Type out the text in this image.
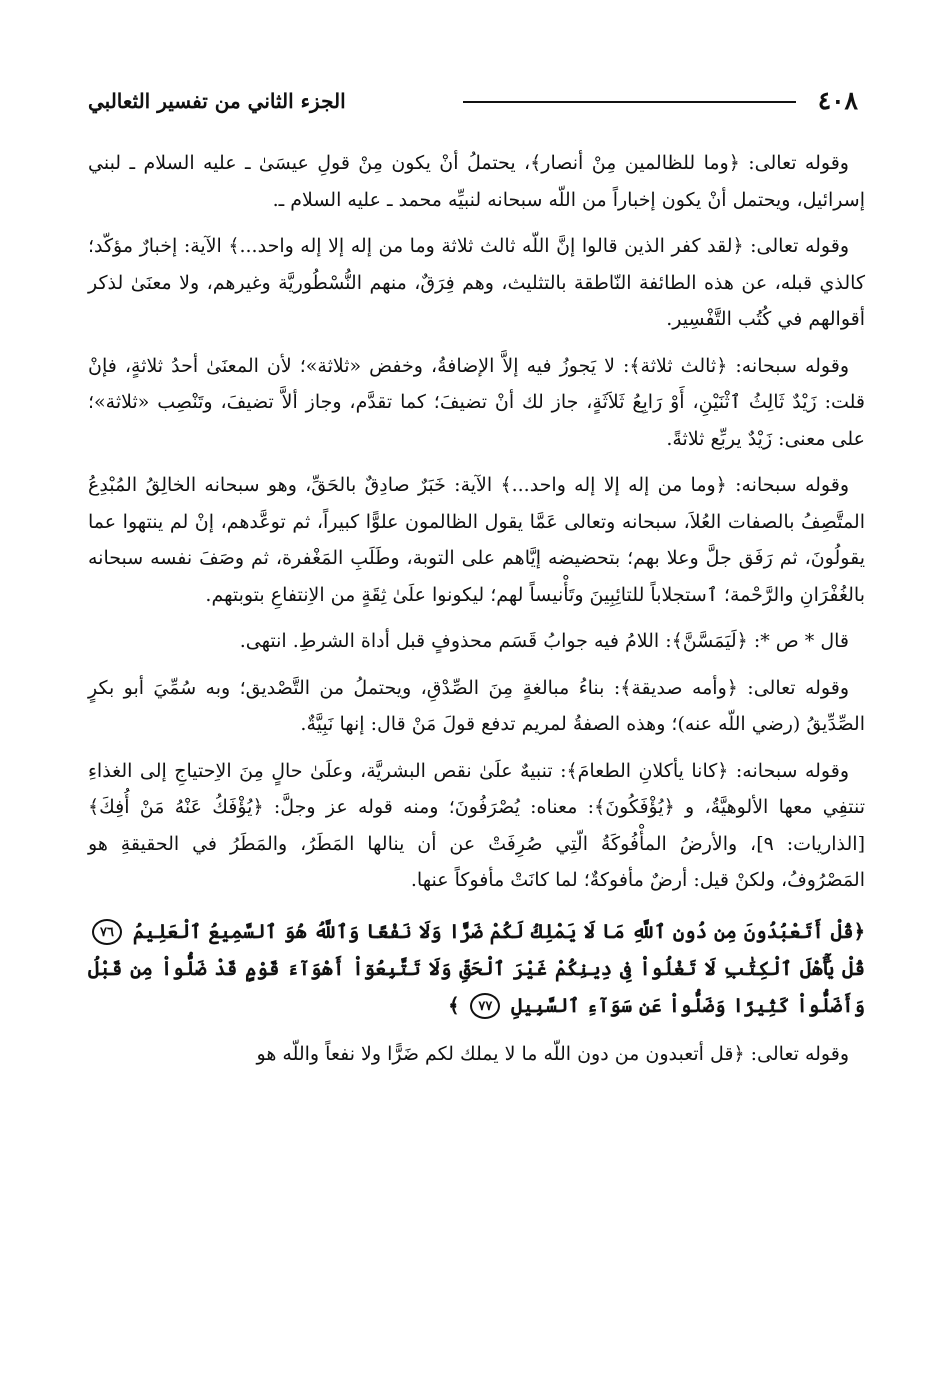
٤٠٨
الجزء الثاني من تفسير الثعالبي

وقوله تعالى: ﴿وما للظالمين مِنْ أنصار﴾، يحتملُ أنْ يكون مِنْ قولِ عيسَىٰ ـ عليه السلام ـ لبني إسرائيل، ويحتمل أنْ يكون إخباراً من اللّه سبحانه لنبيِّه محمد ـ عليه السلام ـ.

وقوله تعالى: ﴿لقد كفر الذين قالوا إنَّ اللّه ثالث ثلاثة وما من إله إلا إله واحد...﴾ الآية: إخبارٌ مؤكّد؛ كالذي قبله، عن هذه الطائفة النّاطقة بالتثليث، وهم فِرَقٌ، منهم النُّسْطُوريَّة وغيرهم، ولا معنَىٰ لذكر أقوالهم في كُتُب التَّفْسِير.

وقوله سبحانه: ﴿ثالث ثلاثة﴾: لا يَجوزُ فيه إلاَّ الإضافةُ، وخفض «ثلاثة»؛ لأن المعنَىٰ أحدُ ثلاثةٍ، فإنْ قلت: زَيْدٌ ثَالِثُ ٱثْنَيْنِ، أَوْ رَابِعُ ثَلاَثَةٍ، جاز لك أنْ تضيفَ؛ كما تقدَّم، وجاز ألاَّ تضيفَ، وتَنْصِب «ثلاثة»؛ على معنى: زَيْدٌ يربِّع ثلاثةً.

وقوله سبحانه: ﴿وما من إله إلا إله واحد...﴾ الآية: خَبَرٌ صادِقٌ بالحَقِّ، وهو سبحانه الخالِقُ المُبْدِعُ المتَّصِفُ بالصفات العُلاَ، سبحانه وتعالى عَمَّا يقول الظالمون علوًّا كبيراً، ثم توعَّدهم، إنْ لم ينتهوا عما يقولُونَ، ثم رَفَق جلَّ وعلا بهم؛ بتحضيضه إيَّاهم على التوبة، وطَلَبِ المَغْفرة، ثم وصَفَ نفسه سبحانه بالغُفْرَانِ والرَّحْمة؛ ٱستجلاباً للتائِبِينَ وتَأْنيساً لهم؛ ليكونوا علَىٰ ثِقَةٍ من الاِنتفاعِ بتوبتهم.

قال * ص *: ﴿لَيَمَسَّنَّ﴾: اللامُ فيه جوابُ قَسَم محذوفٍ قبل أداة الشرطِ. انتهى.

وقوله تعالى: ﴿وأمه صديقة﴾: بناءُ مبالغةٍ مِنَ الصِّدْقِ، ويحتملُ من التَّصْديق؛ وبه سُمِّيَ أبو بكرٍ الصِّدِّيقُ (رضي اللّه عنه)؛ وهذه الصفةُ لمريم تدفع قولَ مَنْ قال: إنها نَبِيَّةٌ.

وقوله سبحانه: ﴿كانا يأكلانِ الطعامَ﴾: تنبيهٌ علَىٰ نقص البشريَّة، وعلَىٰ حالٍ مِنَ الاِحتياجِ إلى الغذاءِ تنتفِي معها الألوهيَّةُ، و ﴿يُؤْفَكُونَ﴾: معناه: يُصْرَفُونَ؛ ومنه قوله عز وجلَّ: ﴿يُؤْفَكُ عَنْهُ مَنْ أُفِكَ﴾ [الذاريات: ٩]، والأرضُ المأْفُوكَةُ الّتِي صُرِفَتْ عن أن ينالها المَطَرُ، والمَطَرُ في الحقيقةِ هو المَصْرُوفُ، ولكنْ قيل: أرضٌ مأفوكةٌ؛ لما كانَتْ مأفوكاً عنها.

﴿قُلْ أَتَعْبُدُونَ مِن دُونِ ٱللَّهِ مَا لَا يَمْلِكُ لَكُمْ ضَرًّا وَلَا نَفْعًا وَٱللَّهُ هُوَ ٱلسَّمِيعُ ٱلْعَلِيمُ ٧٦ قُلْ يَٰٓأَهْلَ ٱلْكِتَٰبِ لَا تَغْلُواْ فِى دِينِكُمْ غَيْرَ ٱلْحَقِّ وَلَا تَتَّبِعُوٓاْ أَهْوَآءَ قَوْمٍ قَدْ ضَلُّواْ مِن قَبْلُ وَأَضَلُّواْ كَثِيرًا وَضَلُّواْ عَن سَوَآءِ ٱلسَّبِيلِ ٧٧ ﴾

وقوله تعالى: ﴿قل أتعبدون من دون اللّه ما لا يملك لكم ضَرًّا ولا نفعاً واللّه هو
